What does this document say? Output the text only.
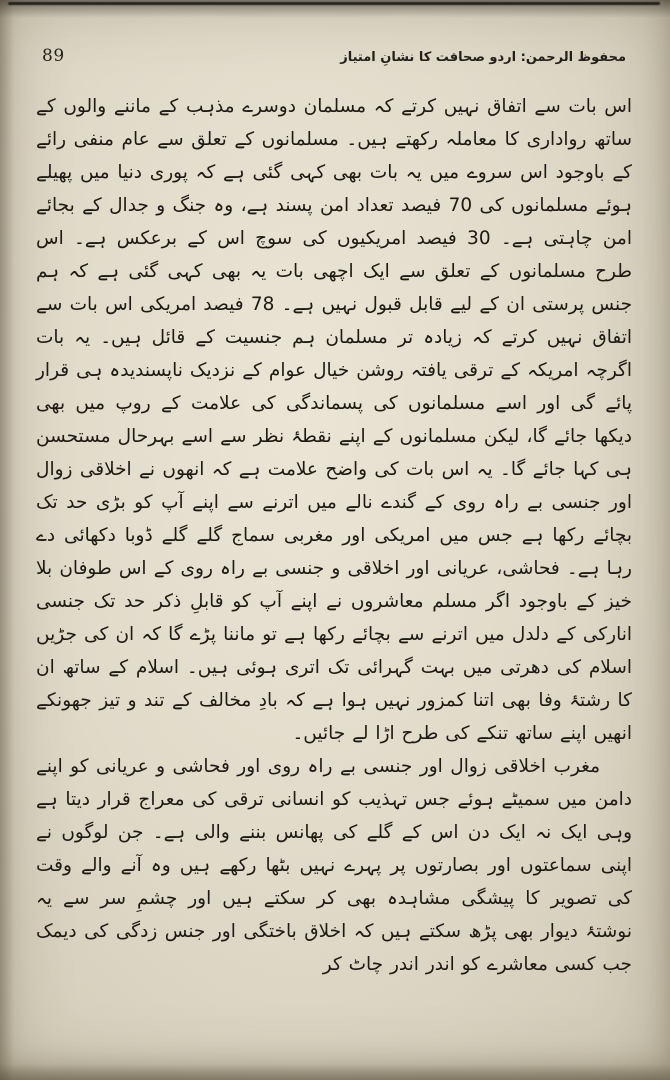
89	محفوظ الرحمن: اردو صحافت کا نشانِ امتیاز

اس بات سے اتفاق نہیں کرتے کہ مسلمان دوسرے مذہب کے ماننے والوں کے ساتھ رواداری کا معاملہ رکھتے ہیں۔ مسلمانوں کے تعلق سے عام منفی رائے کے باوجود اس سروے میں یہ بات بھی کہی گئی ہے کہ پوری دنیا میں پھیلے ہوئے مسلمانوں کی 70 فیصد تعداد امن پسند ہے، وہ جنگ و جدال کے بجائے امن چاہتی ہے۔ 30 فیصد امریکیوں کی سوچ اس کے برعکس ہے۔ اس طرح مسلمانوں کے تعلق سے ایک اچھی بات یہ بھی کہی گئی ہے کہ ہم جنس پرستی ان کے لیے قابل قبول نہیں ہے۔ 78 فیصد امریکی اس بات سے اتفاق نہیں کرتے کہ زیادہ تر مسلمان ہم جنسیت کے قائل ہیں۔ یہ بات اگرچہ امریکہ کے ترقی یافتہ روشن خیال عوام کے نزدیک ناپسندیدہ ہی قرار پائے گی اور اسے مسلمانوں کی پسماندگی کی علامت کے روپ میں بھی دیکھا جائے گا، لیکن مسلمانوں کے اپنے نقطۂ نظر سے اسے بہرحال مستحسن ہی کہا جائے گا۔ یہ اس بات کی واضح علامت ہے کہ انھوں نے اخلاقی زوال اور جنسی بے راہ روی کے گندے نالے میں اترنے سے اپنے آپ کو بڑی حد تک بچائے رکھا ہے جس میں امریکی اور مغربی سماج گلے گلے ڈوبا دکھائی دے رہا ہے۔ فحاشی، عریانی اور اخلاقی و جنسی بے راہ روی کے اس طوفان بلا خیز کے باوجود اگر مسلم معاشروں نے اپنے آپ کو قابلِ ذکر حد تک جنسی انارکی کے دلدل میں اترنے سے بچائے رکھا ہے تو ماننا پڑے گا کہ ان کی جڑیں اسلام کی دھرتی میں بہت گہرائی تک اتری ہوئی ہیں۔ اسلام کے ساتھ ان کا رشتۂ وفا بھی اتنا کمزور نہیں ہوا ہے کہ بادِ مخالف کے تند و تیز جھونکے انھیں اپنے ساتھ تنکے کی طرح اڑا لے جائیں۔

مغرب اخلاقی زوال اور جنسی بے راہ روی اور فحاشی و عریانی کو اپنے دامن میں سمیٹے ہوئے جس تہذیب کو انسانی ترقی کی معراج قرار دیتا ہے وہی ایک نہ ایک دن اس کے گلے کی پھانس بننے والی ہے۔ جن لوگوں نے اپنی سماعتوں اور بصارتوں پر پہرے نہیں بٹھا رکھے ہیں وہ آنے والے وقت کی تصویر کا پیشگی مشاہدہ بھی کر سکتے ہیں اور چشمِ سر سے یہ نوشتۂ دیوار بھی پڑھ سکتے ہیں کہ اخلاق باختگی اور جنس زدگی کی دیمک جب کسی معاشرے کو اندر اندر چاٹ کر
